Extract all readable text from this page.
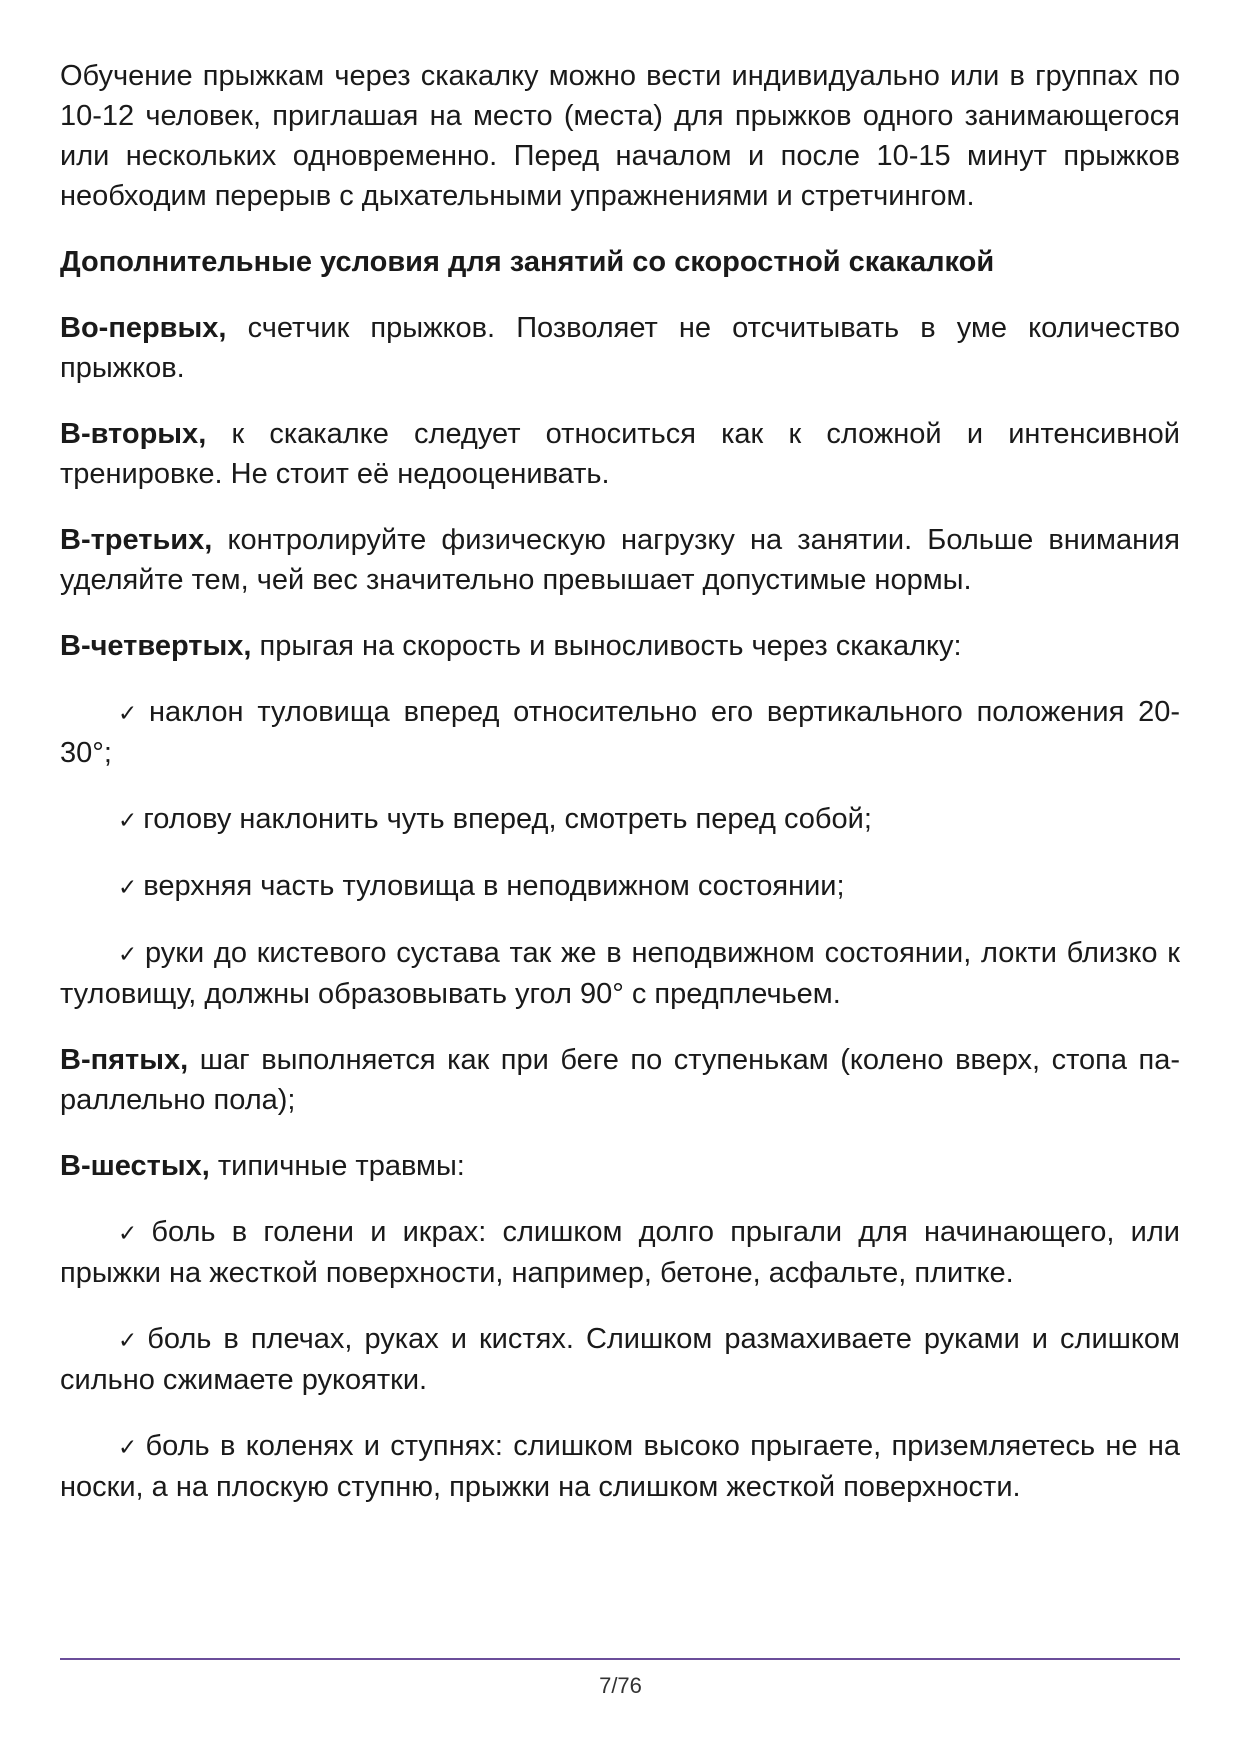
Обучение прыжкам через скакалку можно вести индивидуально или в группах по 10-12 человек, приглашая на место (места) для прыжков одного занимающегося или нескольких одновременно. Перед началом и после 10-15 минут прыжков необходим перерыв с дыхательными упражнениями и стретчингом.

Дополнительные условия для занятий со скоростной скакалкой

Во-первых, счетчик прыжков. Позволяет не отсчитывать в уме количество прыжков.

В-вторых, к скакалке следует относиться как к сложной и интенсивной тренировке. Не стоит её недооценивать.

В-третьих, контролируйте физическую нагрузку на занятии. Больше внимания уделяйте тем, чей вес значительно превышает допустимые нормы.

В-четвертых, прыгая на скорость и выносливость через скакалку:

✓ наклон туловища вперед относительно его вертикального положения 20-30°;

✓ голову наклонить чуть вперед, смотреть перед собой;

✓ верхняя часть туловища в неподвижном состоянии;

✓ руки до кистевого сустава так же в неподвижном состоянии, локти близко к туловищу, должны образовывать угол 90° с предплечьем.

В-пятых, шаг выполняется как при беге по ступенькам (колено вверх, стопа па-раллельно пола);

В-шестых, типичные травмы:

✓ боль в голени и икрах: слишком долго прыгали для начинающего, или прыжки на жесткой поверхности, например, бетоне, асфальте, плитке.

✓ боль в плечах, руках и кистях. Слишком размахиваете руками и слишком сильно сжимаете рукоятки.

✓ боль в коленях и ступнях: слишком высоко прыгаете, приземляетесь не на носки, а на плоскую ступню, прыжки на слишком жесткой поверхности.

7/76
